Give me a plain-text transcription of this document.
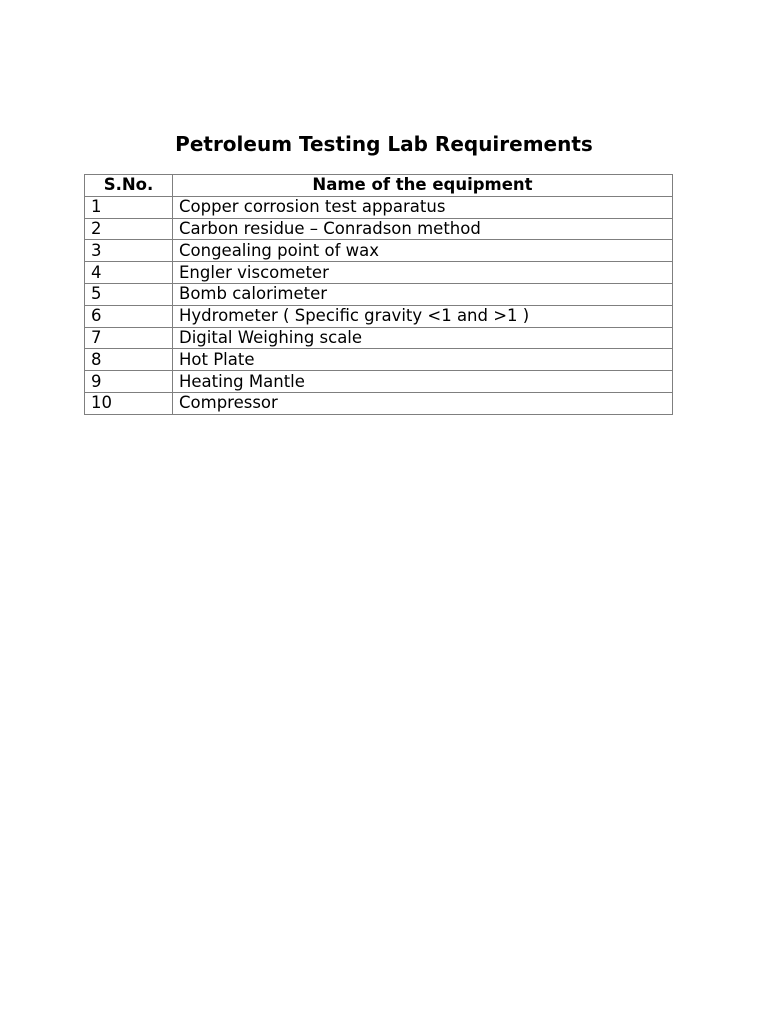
Petroleum Testing Lab Requirements
S.No.	Name of the equipment
1	Copper corrosion test apparatus
2	Carbon residue – Conradson method
3	Congealing point of wax
4	Engler viscometer
5	Bomb calorimeter
6	Hydrometer ( Specific gravity <1 and >1 )
7	Digital Weighing scale
8	Hot Plate
9	Heating Mantle
10	Compressor
